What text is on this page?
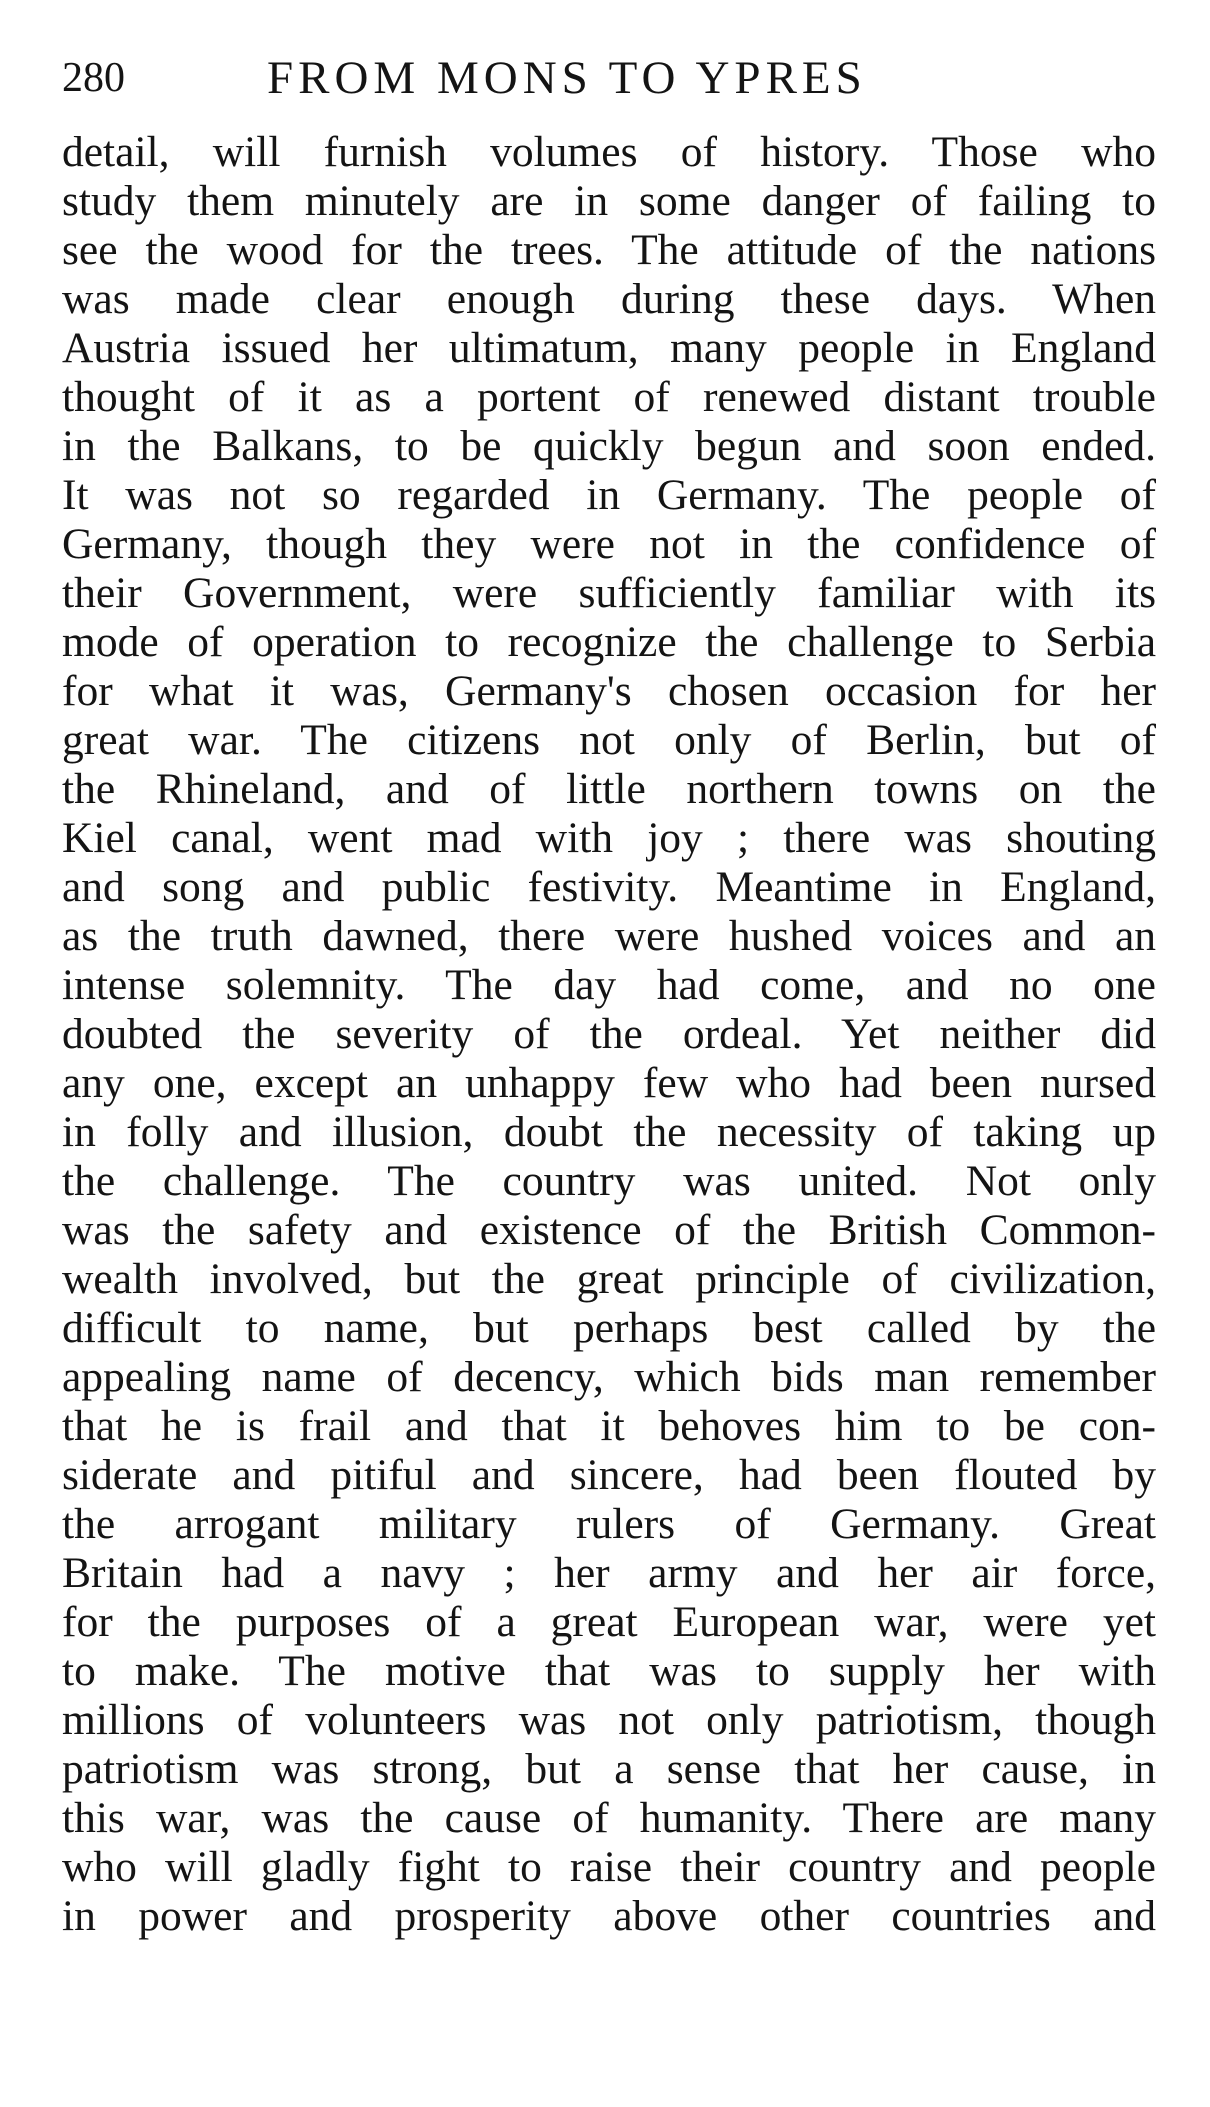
280	FROM MONS TO YPRES
detail, will furnish volumes of history. Those who
study them minutely are in some danger of failing to
see the wood for the trees. The attitude of the nations
was made clear enough during these days. When
Austria issued her ultimatum, many people in England
thought of it as a portent of renewed distant trouble
in the Balkans, to be quickly begun and soon ended.
It was not so regarded in Germany. The people of
Germany, though they were not in the confidence of
their Government, were sufficiently familiar with its
mode of operation to recognize the challenge to Serbia
for what it was, Germany's chosen occasion for her
great war. The citizens not only of Berlin, but of
the Rhineland, and of little northern towns on the
Kiel canal, went mad with joy ; there was shouting
and song and public festivity. Meantime in England,
as the truth dawned, there were hushed voices and an
intense solemnity. The day had come, and no one
doubted the severity of the ordeal. Yet neither did
any one, except an unhappy few who had been nursed
in folly and illusion, doubt the necessity of taking up
the challenge. The country was united. Not only
was the safety and existence of the British Common-
wealth involved, but the great principle of civilization,
difficult to name, but perhaps best called by the
appealing name of decency, which bids man remember
that he is frail and that it behoves him to be con-
siderate and pitiful and sincere, had been flouted by
the arrogant military rulers of Germany. Great
Britain had a navy ; her army and her air force,
for the purposes of a great European war, were yet
to make. The motive that was to supply her with
millions of volunteers was not only patriotism, though
patriotism was strong, but a sense that her cause, in
this war, was the cause of humanity. There are many
who will gladly fight to raise their country and people
in power and prosperity above other countries and
